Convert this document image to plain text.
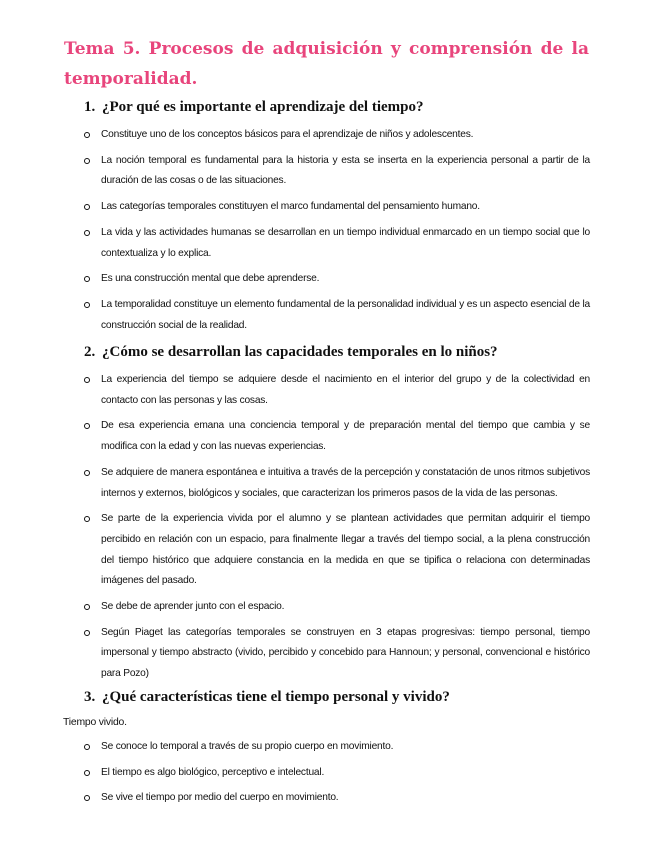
Tema 5. Procesos de adquisición y comprensión de la temporalidad.
1. ¿Por qué es importante el aprendizaje del tiempo?
Constituye uno de los conceptos básicos para el aprendizaje de niños y adolescentes.
La noción temporal es fundamental para la historia y esta se inserta en la experiencia personal a partir de la duración de las cosas o de las situaciones.
Las categorías temporales constituyen el marco fundamental del pensamiento humano.
La vida y las actividades humanas se desarrollan en un tiempo individual enmarcado en un tiempo social que lo contextualiza y lo explica.
Es una construcción mental que debe aprenderse.
La temporalidad constituye un elemento fundamental de la personalidad individual y es un aspecto esencial de la construcción social de la realidad.
2. ¿Cómo se desarrollan las capacidades temporales en lo niños?
La experiencia del tiempo se adquiere desde el nacimiento en el interior del grupo y de la colectividad en contacto con las personas y las cosas.
De esa experiencia emana una conciencia temporal y de preparación mental del tiempo que cambia y se modifica con la edad y con las nuevas experiencias.
Se adquiere de manera espontánea e intuitiva a través de la percepción y constatación de unos ritmos subjetivos internos y externos, biológicos y sociales, que caracterizan los primeros pasos de la vida de las personas.
Se parte de la experiencia vivida por el alumno y se plantean actividades que permitan adquirir el tiempo percibido en relación con un espacio, para finalmente llegar a través del tiempo social, a la plena construcción del tiempo histórico que adquiere constancia en la medida en que se tipifica o relaciona con determinadas imágenes del pasado.
Se debe de aprender junto con el espacio.
Según Piaget las categorías temporales se construyen en 3 etapas progresivas: tiempo personal, tiempo impersonal y tiempo abstracto (vivido, percibido y concebido para Hannoun; y personal, convencional e histórico para Pozo)
3. ¿Qué características tiene el tiempo personal y vivido?

Tiempo vivido.

Se conoce lo temporal a través de su propio cuerpo en movimiento.
El tiempo es algo biológico, perceptivo e intelectual.
Se vive el tiempo por medio del cuerpo en movimiento.
